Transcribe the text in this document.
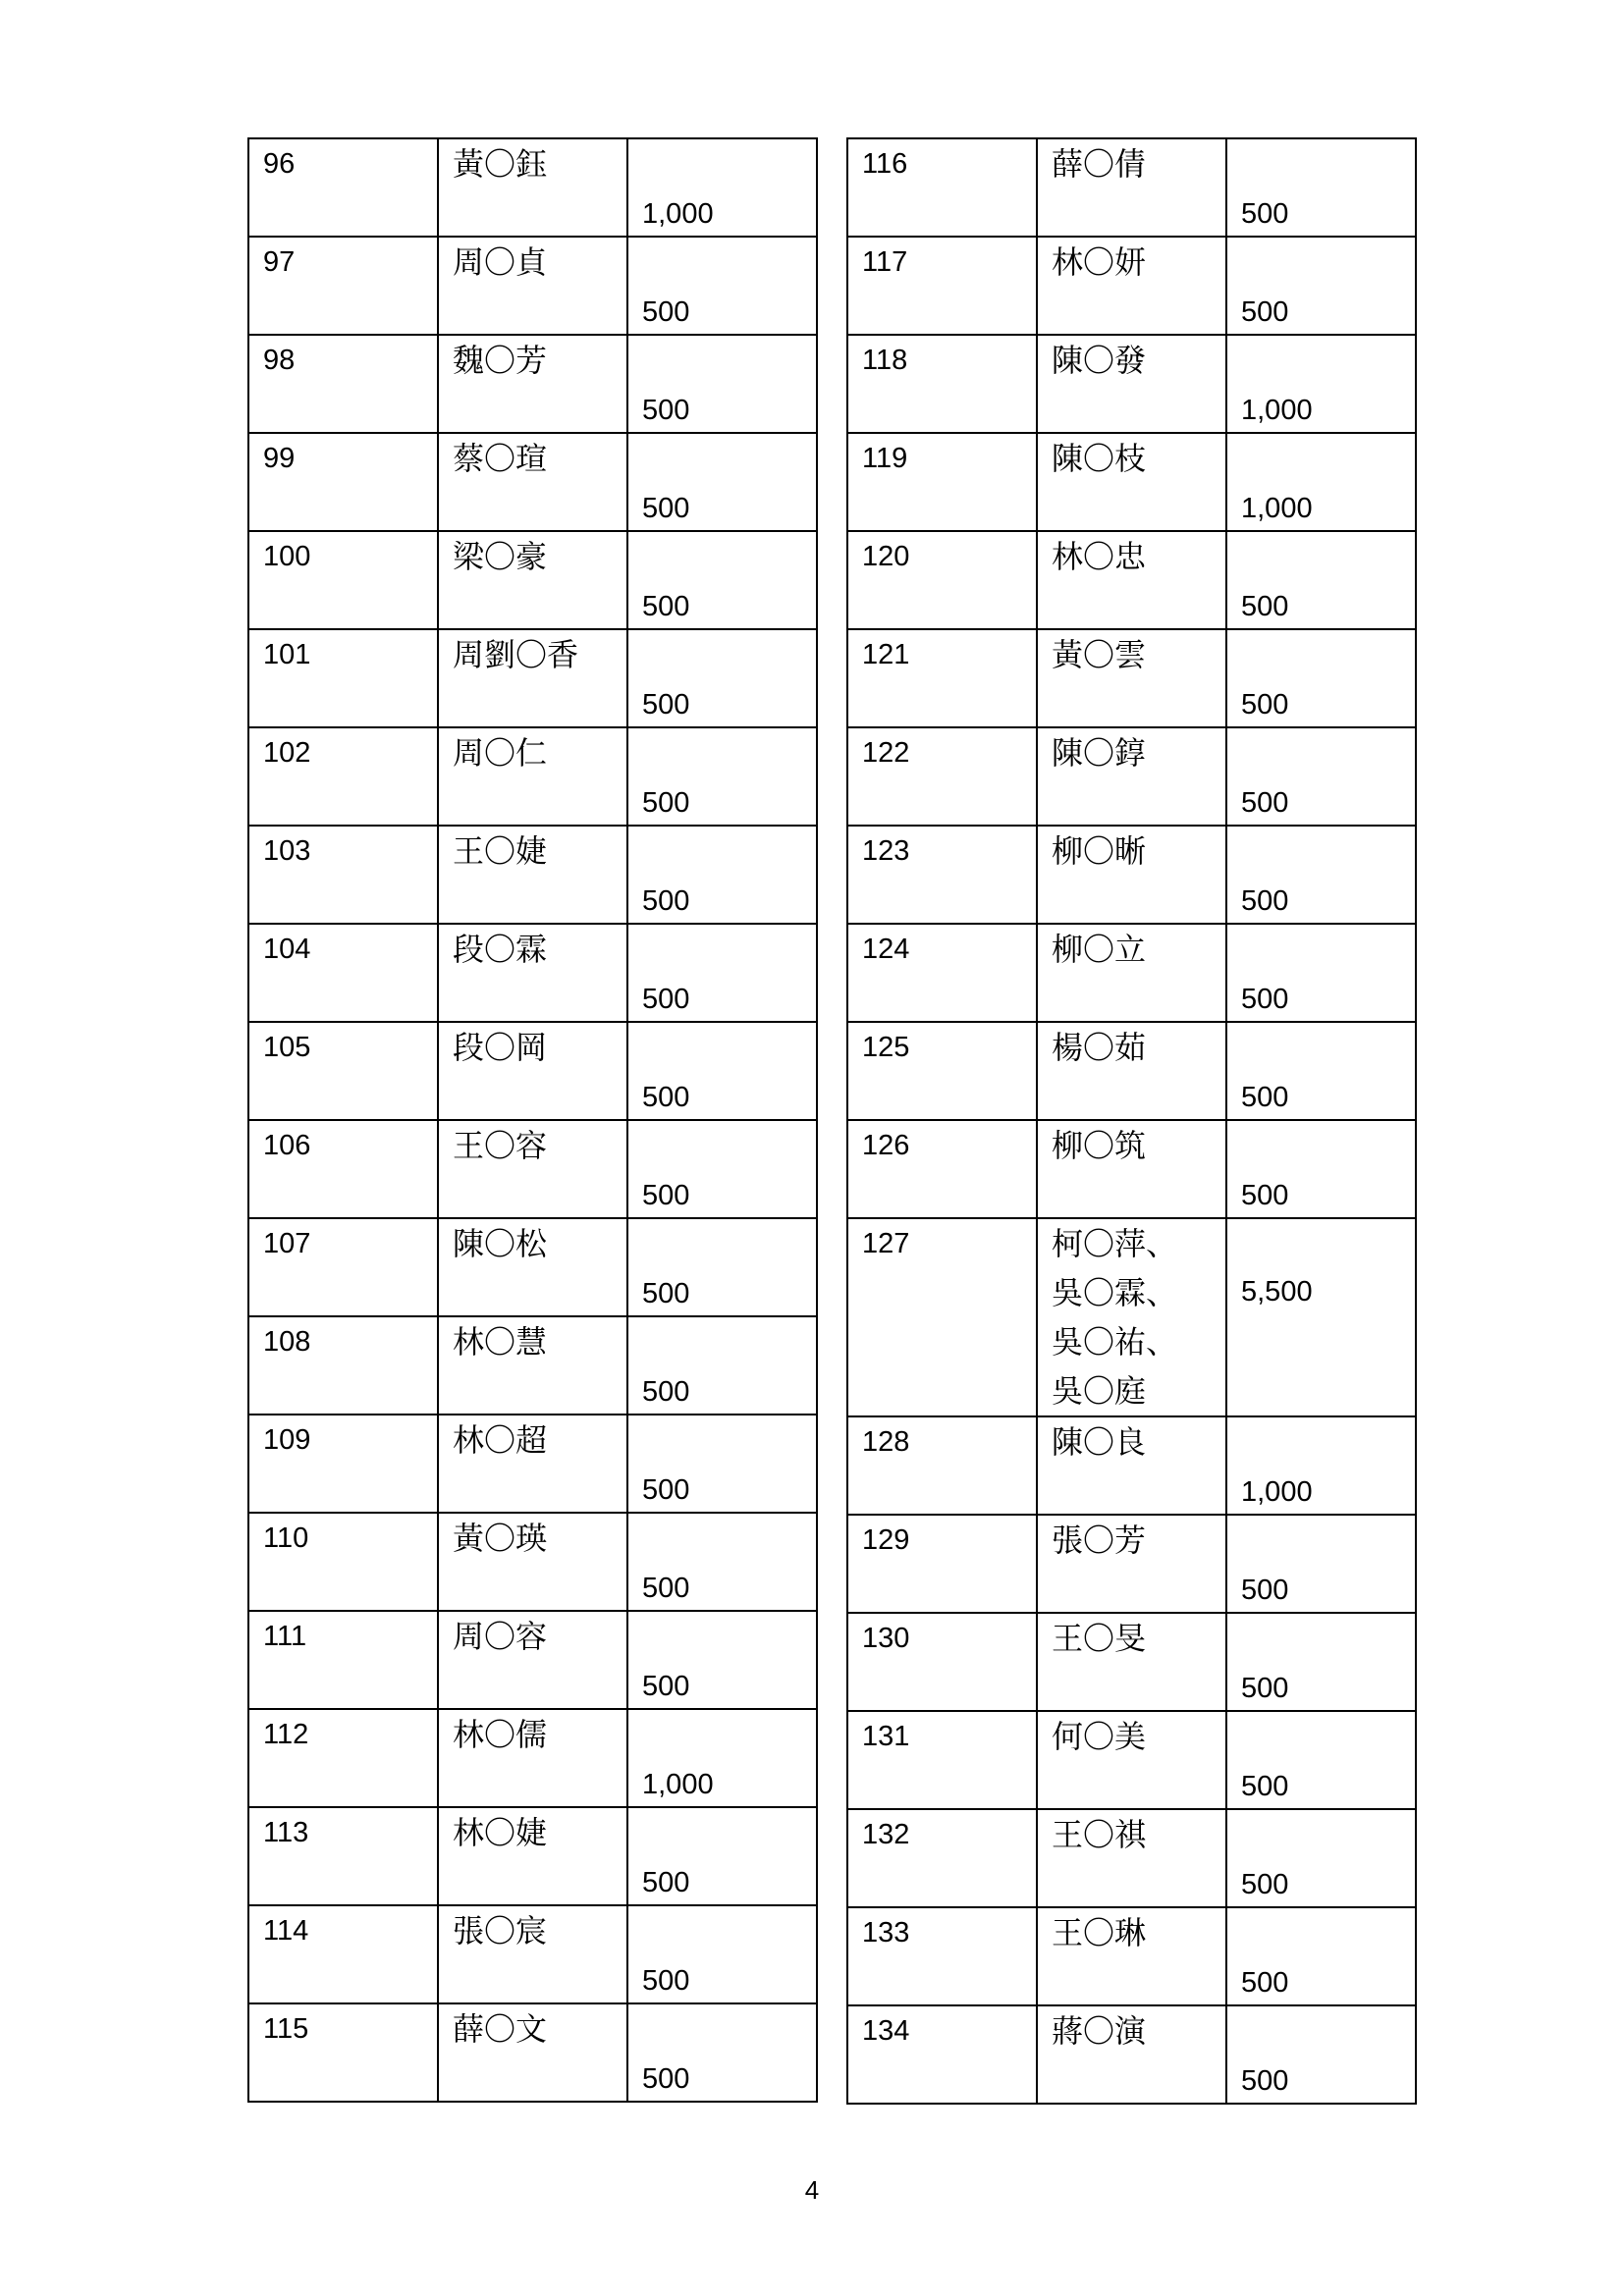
96	黃〇鈺	1,000

97	周〇貞	500

98	魏〇芳	500

99	蔡〇瑄	500

100	梁〇豪	500

101	周劉〇香	500

102	周〇仁	500

103	王〇婕	500

104	段〇霖	500

105	段〇岡	500

106	王〇容	500

107	陳〇松	500

108	林〇慧	500

109	林〇超	500

110	黃〇瑛	500

111	周〇容	500

112	林〇儒	1,000

113	林〇婕	500

114	張〇宸	500

115	薛〇文	500
116	薛〇倩	500

117	林〇妍	500

118	陳〇發	1,000

119	陳〇枝	1,000

120	林〇忠	500

121	黃〇雲	500

122	陳〇錞	500

123	柳〇晰	500

124	柳〇立	500

125	楊〇茹	500

126	柳〇筑	500

127	柯〇萍、
吳〇霖、
吳〇祐、
吳〇庭	5,500

128	陳〇良	1,000

129	張〇芳	500

130	王〇旻	500

131	何〇美	500

132	王〇祺	500

133	王〇琳	500

134	蔣〇演	500
4
